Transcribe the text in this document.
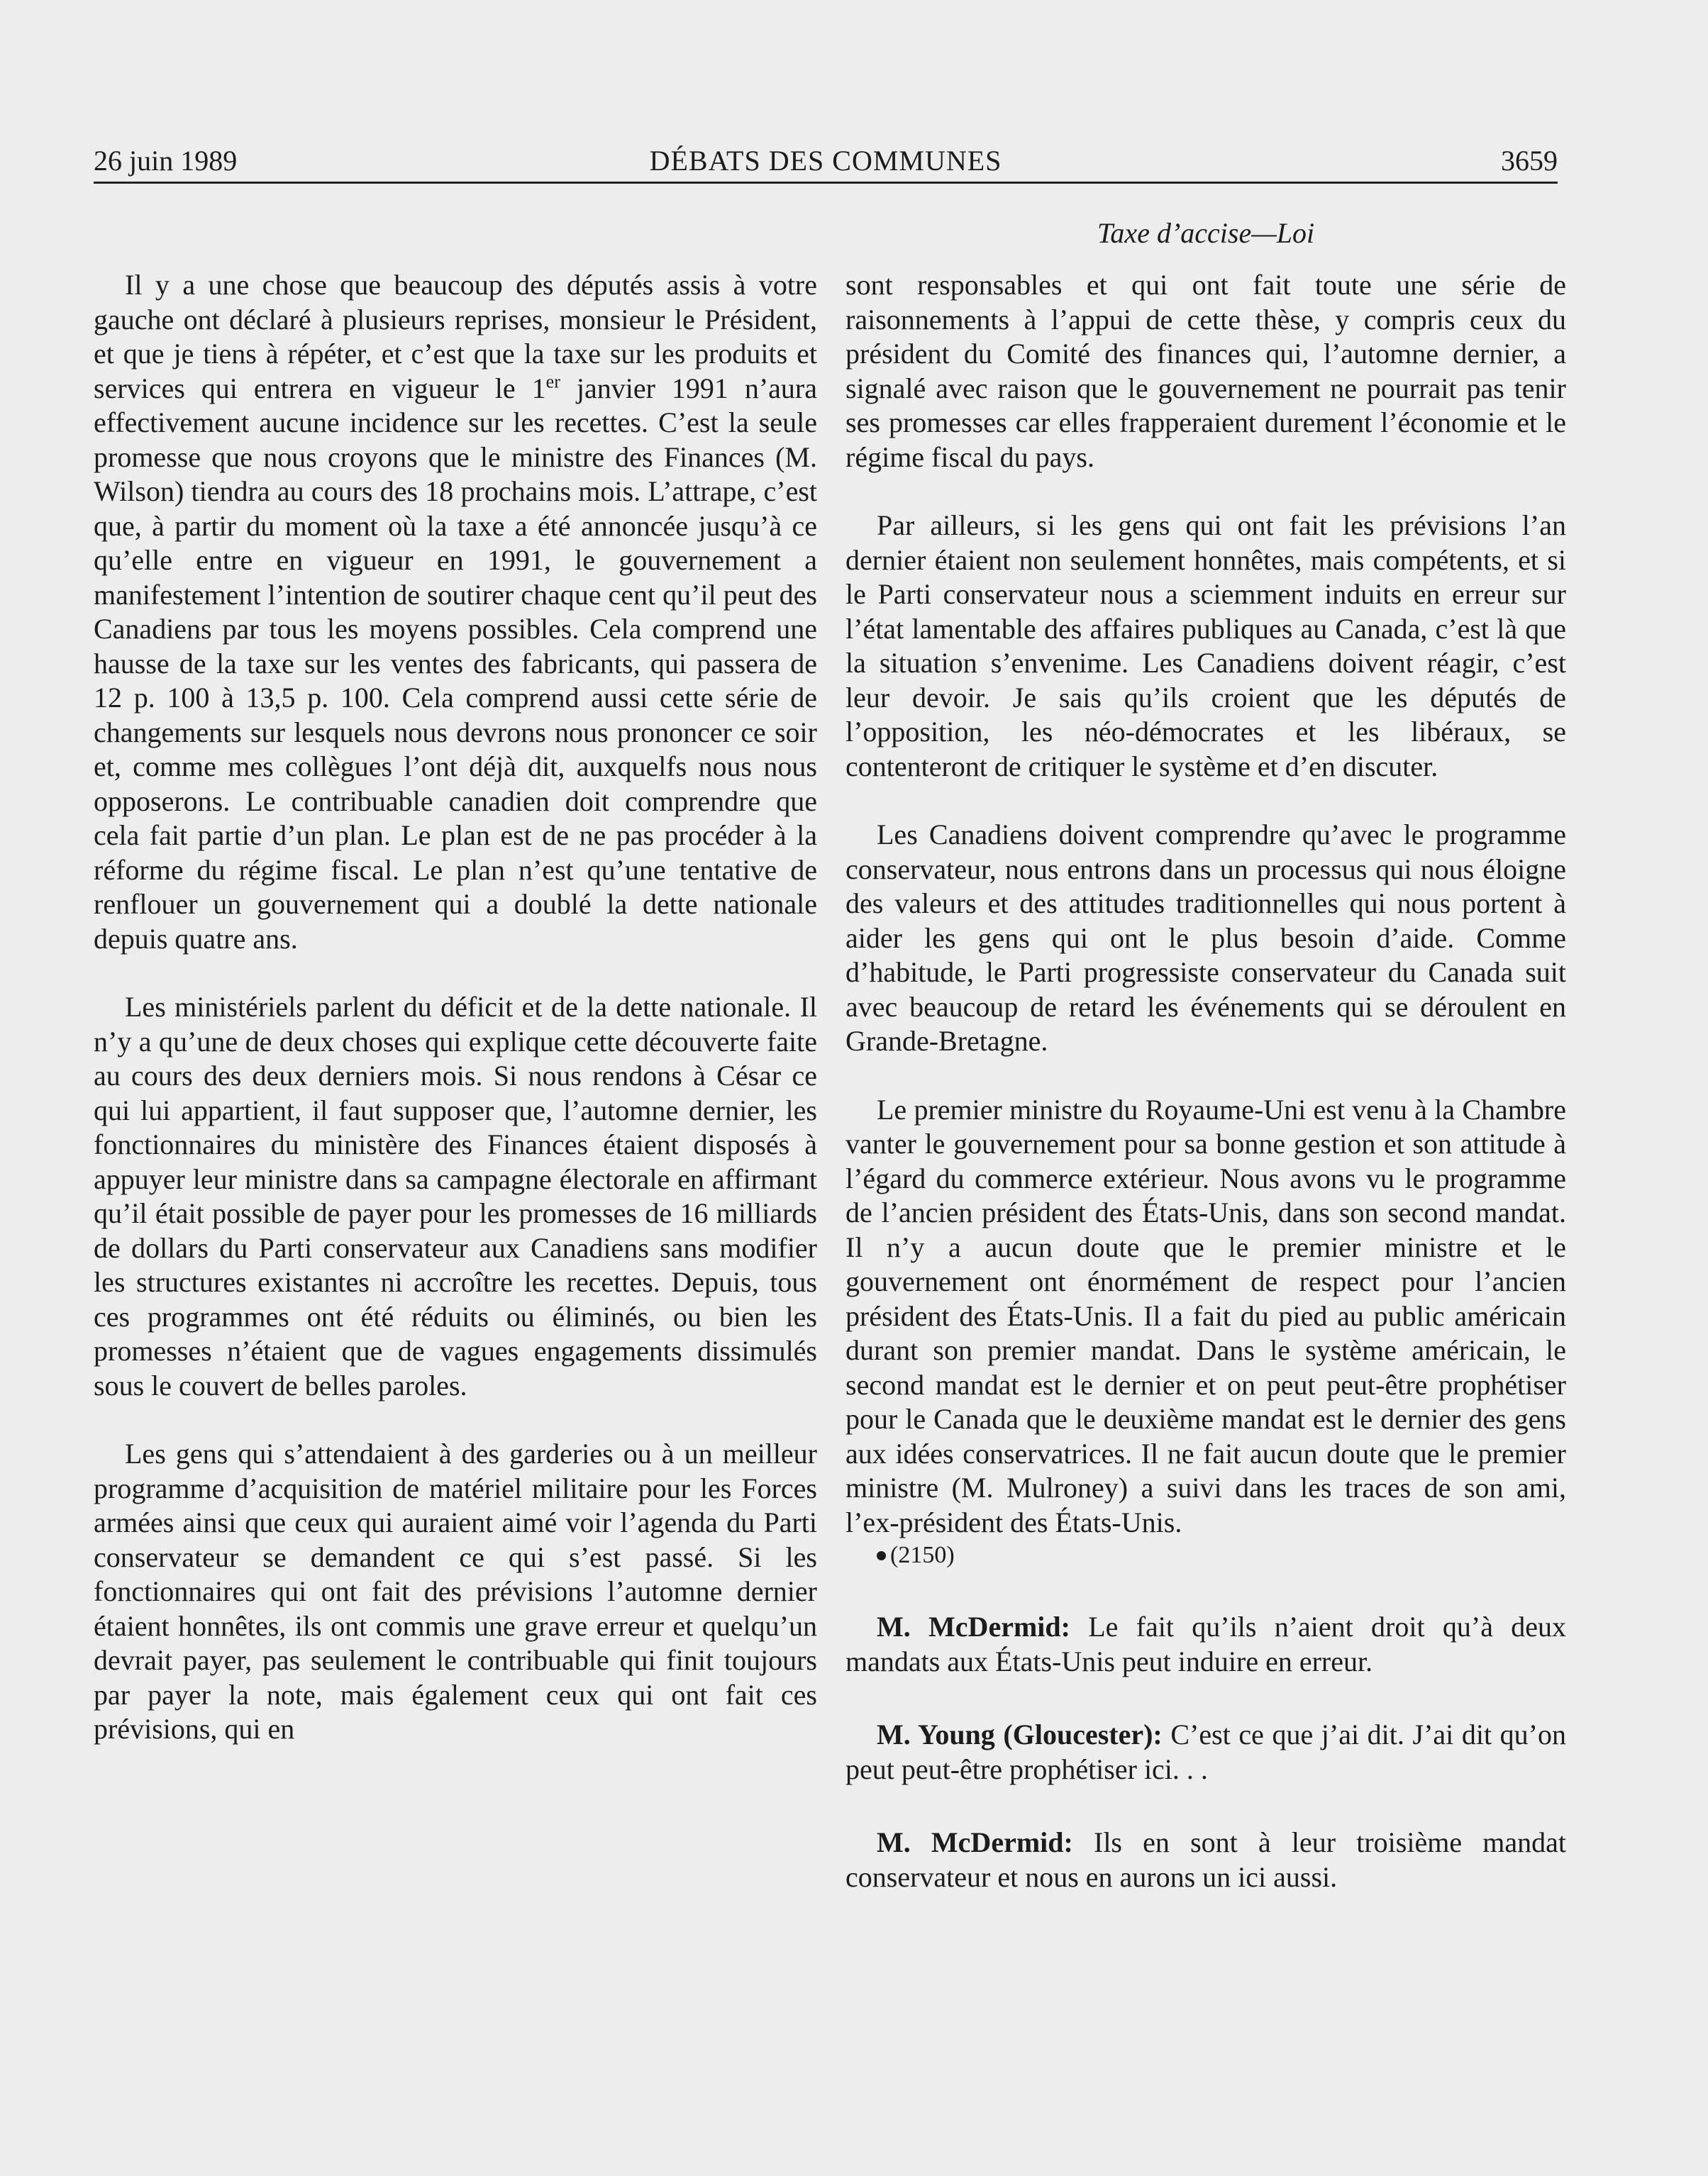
26 juin 1989	DÉBATS DES COMMUNES	3659
Taxe d’accise—Loi

Il y a une chose que beaucoup des députés assis à votre gauche ont déclaré à plusieurs reprises, monsieur le Président, et que je tiens à répéter, et c’est que la taxe sur les produits et services qui entrera en vigueur le 1er janvier 1991 n’aura effectivement aucune incidence sur les recettes. C’est la seule promesse que nous croyons que le ministre des Finances (M. Wilson) tiendra au cours des 18 prochains mois. L’attrape, c’est que, à partir du moment où la taxe a été annoncée jusqu’à ce qu’elle entre en vigueur en 1991, le gouvernement a manifestement l’intention de soutirer chaque cent qu’il peut des Canadiens par tous les moyens possibles. Cela comprend une hausse de la taxe sur les ventes des fabricants, qui passera de 12 p. 100 à 13,5 p. 100. Cela comprend aussi cette série de changements sur lesquels nous devrons nous prononcer ce soir et, comme mes collègues l’ont déjà dit, auxquelfs nous nous opposerons. Le contribuable canadien doit comprendre que cela fait partie d’un plan. Le plan est de ne pas procéder à la réforme du régime fiscal. Le plan n’est qu’une tentative de renflouer un gouvernement qui a doublé la dette nationale depuis quatre ans.

Les ministériels parlent du déficit et de la dette nationale. Il n’y a qu’une de deux choses qui explique cette découverte faite au cours des deux derniers mois. Si nous rendons à César ce qui lui appartient, il faut supposer que, l’automne dernier, les fonctionnaires du ministère des Finances étaient disposés à appuyer leur ministre dans sa campagne électorale en affirmant qu’il était possible de payer pour les promesses de 16 milliards de dollars du Parti conservateur aux Canadiens sans modifier les structures existantes ni accroître les recettes. Depuis, tous ces programmes ont été réduits ou éliminés, ou bien les promesses n’étaient que de vagues engagements dissimulés sous le couvert de belles paroles.

Les gens qui s’attendaient à des garderies ou à un meilleur programme d’acquisition de matériel militaire pour les Forces armées ainsi que ceux qui auraient aimé voir l’agenda du Parti conservateur se demandent ce qui s’est passé. Si les fonctionnaires qui ont fait des prévisions l’automne dernier étaient honnêtes, ils ont commis une grave erreur et quelqu’un devrait payer, pas seulement le contribuable qui finit toujours par payer la note, mais également ceux qui ont fait ces prévisions, qui en

sont responsables et qui ont fait toute une série de raisonnements à l’appui de cette thèse, y compris ceux du président du Comité des finances qui, l’automne dernier, a signalé avec raison que le gouvernement ne pourrait pas tenir ses promesses car elles frapperaient durement l’économie et le régime fiscal du pays.

Par ailleurs, si les gens qui ont fait les prévisions l’an dernier étaient non seulement honnêtes, mais compétents, et si le Parti conservateur nous a sciemment induits en erreur sur l’état lamentable des affaires publiques au Canada, c’est là que la situation s’envenime. Les Canadiens doivent réagir, c’est leur devoir. Je sais qu’ils croient que les députés de l’opposition, les néo-démocrates et les libéraux, se contenteront de critiquer le système et d’en discuter.

Les Canadiens doivent comprendre qu’avec le programme conservateur, nous entrons dans un processus qui nous éloigne des valeurs et des attitudes traditionnelles qui nous portent à aider les gens qui ont le plus besoin d’aide. Comme d’habitude, le Parti progressiste conservateur du Canada suit avec beaucoup de retard les événements qui se déroulent en Grande-Bretagne.

Le premier ministre du Royaume-Uni est venu à la Chambre vanter le gouvernement pour sa bonne gestion et son attitude à l’égard du commerce extérieur. Nous avons vu le programme de l’ancien président des États-Unis, dans son second mandat. Il n’y a aucun doute que le premier ministre et le gouvernement ont énormément de respect pour l’ancien président des États-Unis. Il a fait du pied au public américain durant son premier mandat. Dans le système américain, le second mandat est le dernier et on peut peut-être prophétiser pour le Canada que le deuxième mandat est le dernier des gens aux idées conservatrices. Il ne fait aucun doute que le premier ministre (M. Mulroney) a suivi dans les traces de son ami, l’ex-président des États-Unis.

(2150)

M. McDermid: Le fait qu’ils n’aient droit qu’à deux mandats aux États-Unis peut induire en erreur.

M. Young (Gloucester): C’est ce que j’ai dit. J’ai dit qu’on peut peut-être prophétiser ici. . .

M. McDermid: Ils en sont à leur troisième mandat conservateur et nous en aurons un ici aussi.
